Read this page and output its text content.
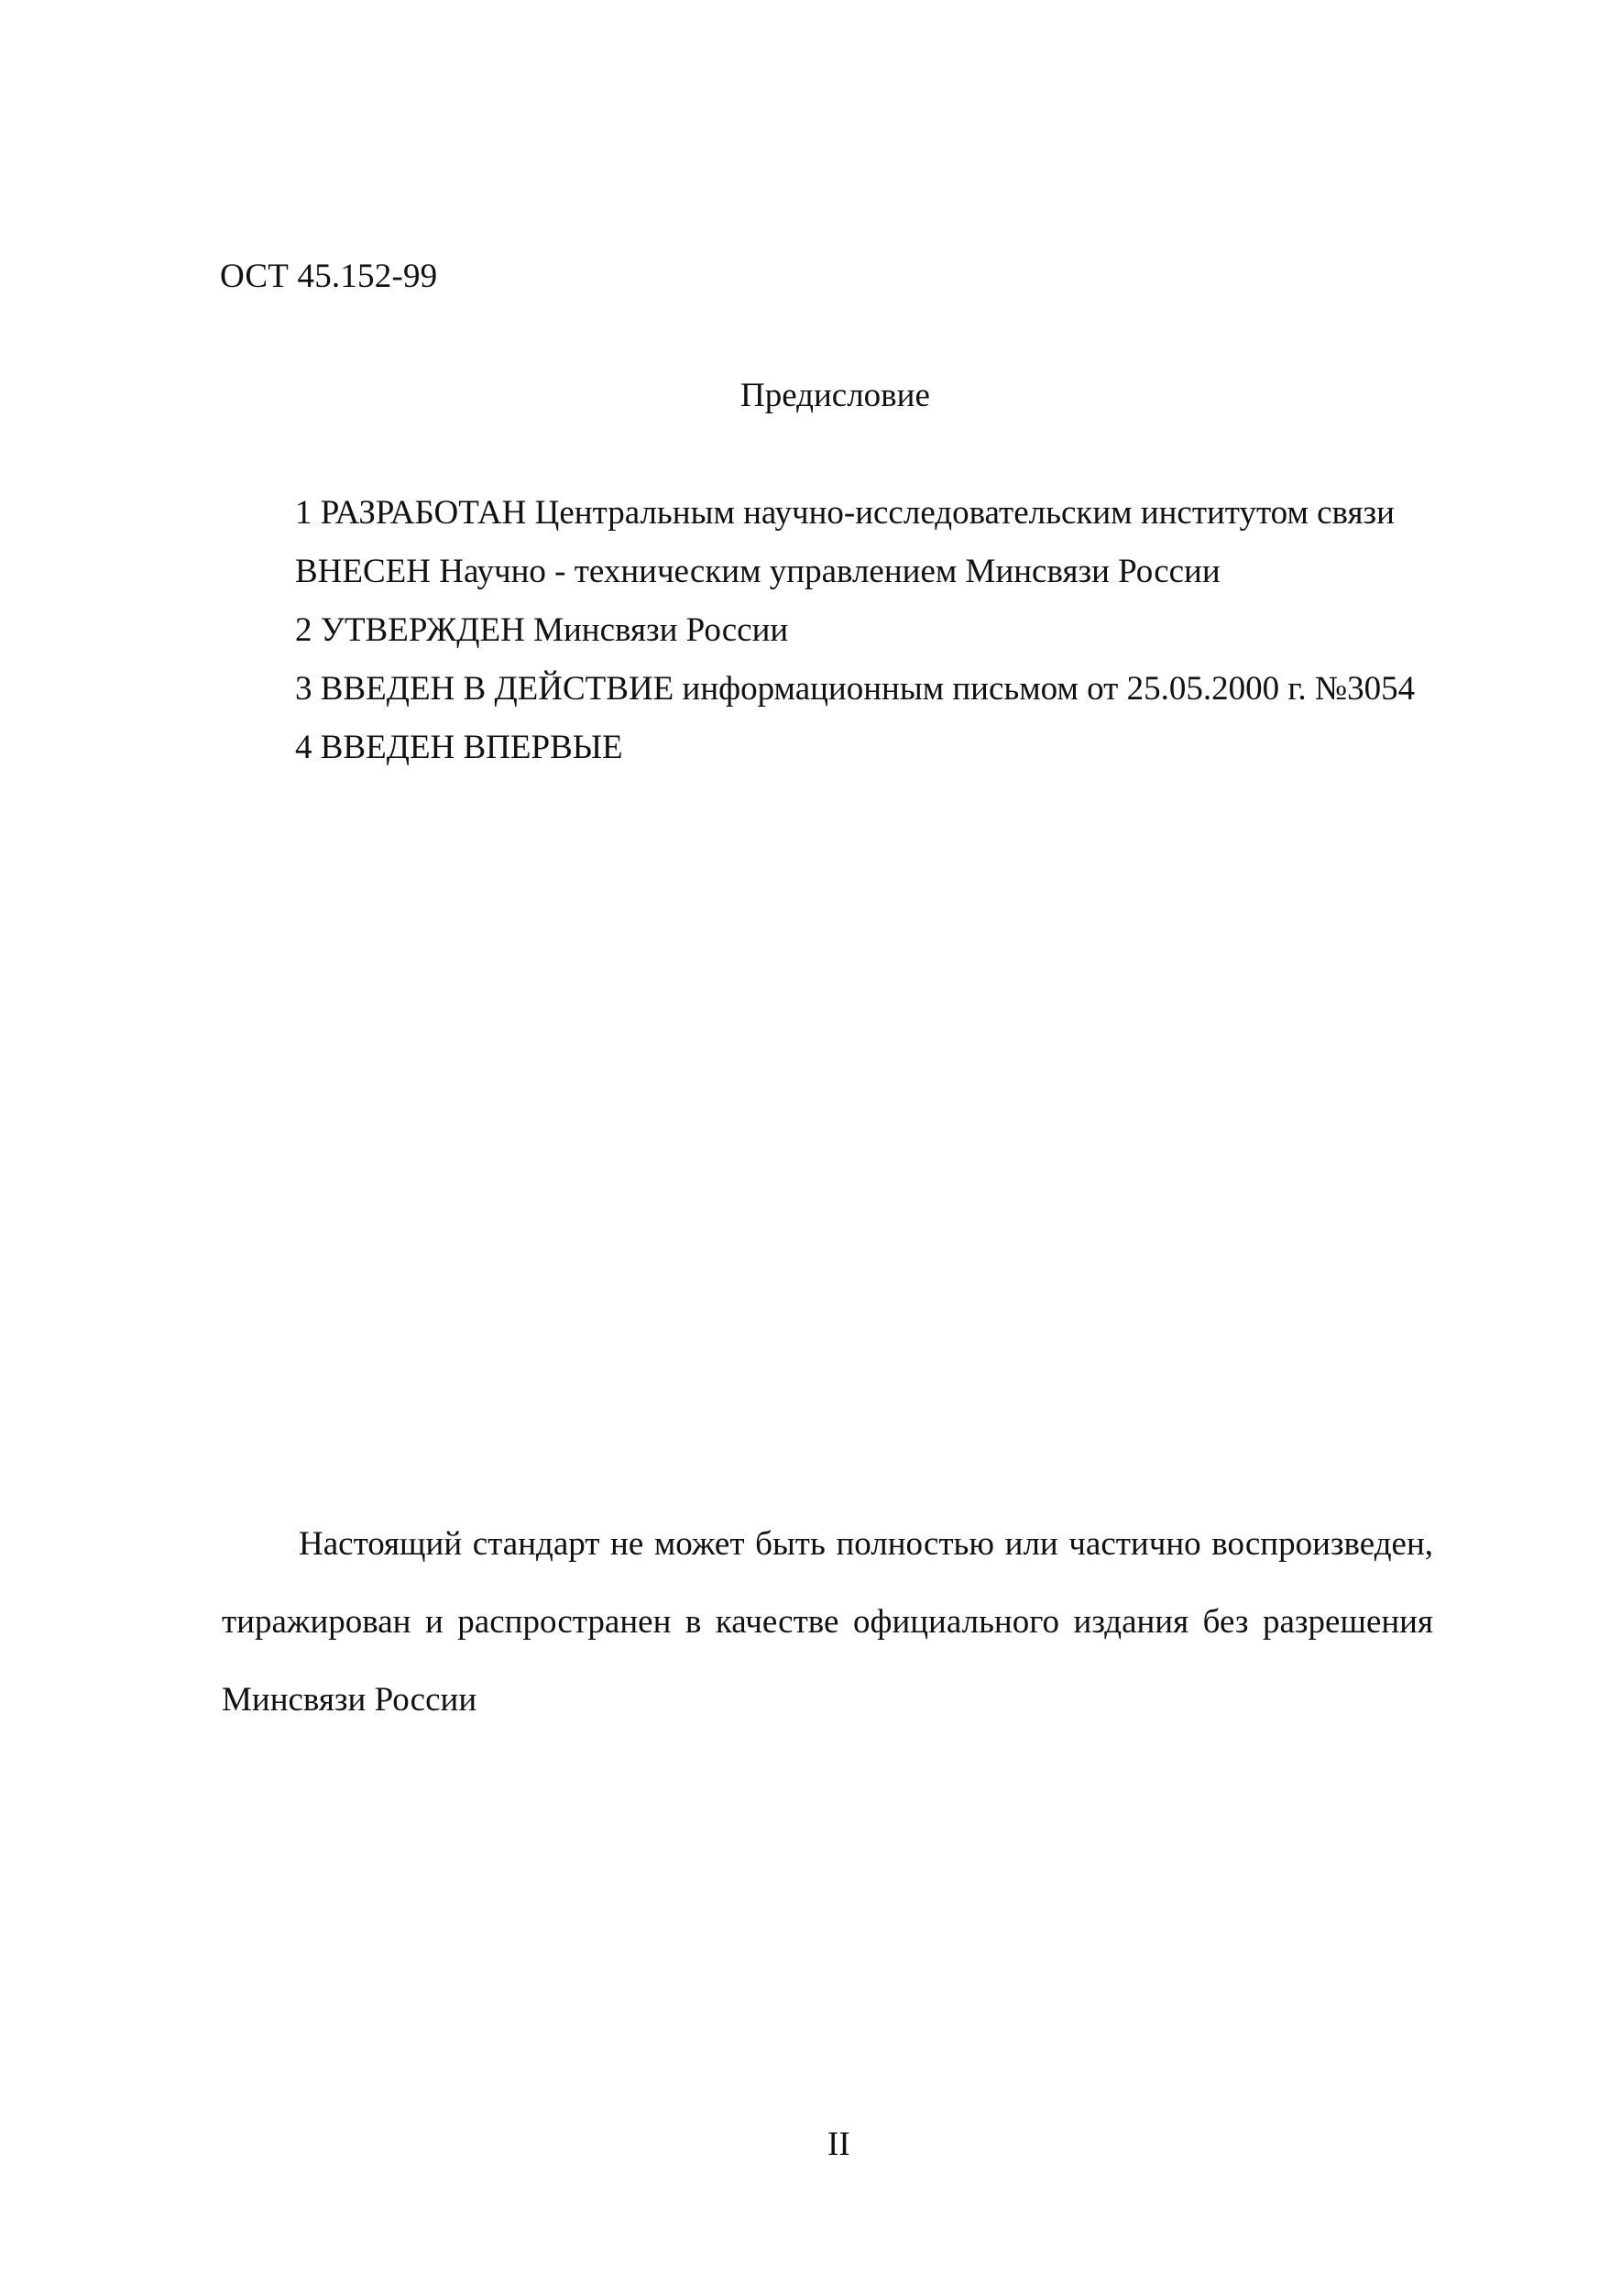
ОСТ 45.152-99
Предисловие
1 РАЗРАБОТАН Центральным научно-исследовательским институтом связи
ВНЕСЕН Научно - техническим управлением Минсвязи России
2 УТВЕРЖДЕН Минсвязи России
3 ВВЕДЕН В ДЕЙСТВИЕ информационным письмом от 25.05.2000 г. №3054
4 ВВЕДЕН ВПЕРВЫЕ

Настоящий стандарт не может быть полностью или частично воспроизведен, тиражирован и распространен в качестве официального издания без разрешения Минсвязи России

II
